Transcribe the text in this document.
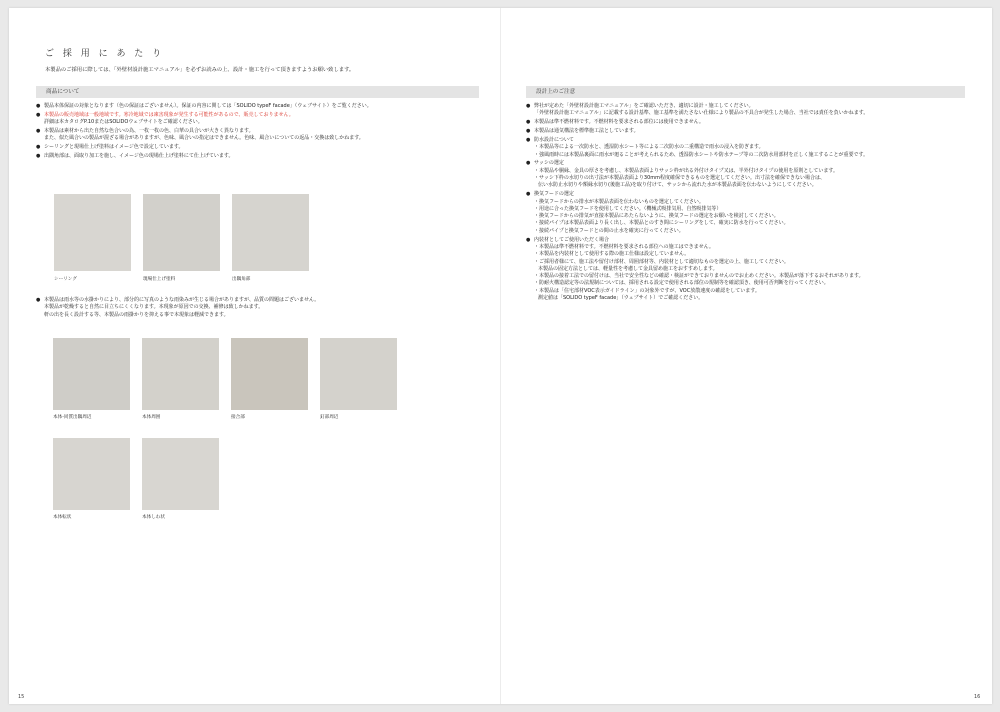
ご 採 用 に あ た り
本製品のご採用に際しては、「外壁材設計施工マニュアル」を必ずお読みの上、設計・施工を行って頂きますようお願い致します。
商品について
● 製品本体保証の対象となります（色の保証はございません）。保証の内容に関しては「SOLIDO typeF facade」（ウェブサイト）をご覧ください。
● 本製品の販売地域は一般地域です。寒冷地域では凍害現象が発生する可能性があるので、販売しておりません。
詳細は本カタログP.10またはSOLIDOウェブサイトをご確認ください。
● 本製品は素材から出た自然な色合いの為、一枚一枚の色、白華の具合いが大きく異なります。
また、似た風合いの製品が混ざる場合がありますが、色味、風合いの指定はできません。色味、風合いについての返品・交換は致しかねます。
● シーリングと現場仕上げ塗料はイメージ色で設定しています。
● 出隅角部は、面取り加工を施し、イメージ色の現場仕上げ塗料にて仕上げています。
シーリング	現場仕上げ塗料	出隅角部
● 本製品は雨水等の水掛かりにより、部分的に写真のような雨染みが生じる場合がありますが、品質の問題はございません。
本製品が乾燥すると自然に目立ちにくくなります。本現象が原因での交換、補修は致しかねます。
軒の出を長く設計する等、本製品の雨掛かりを抑える事で本現象は軽減できます。
本体-同質出隅周辺	本体周囲	接合部	釘部周辺
本体転状	本体しわ状
15
設計上のご注意
● 弊社が定めた「外壁材設計施工マニュアル」をご確認いただき、適切に設計・施工してください。
「外壁材設計施工マニュアル」に記載する設計基準、施工基準を満たさない仕様により製品の不具合が発生した場合、当社では責任を負いかねます。
● 本製品は準不燃材料です。不燃材料を要求される部位には使用できません。
● 本製品は通気構法を標準施工法としています。
● 防水設計について
・本製品等による一次防水と、透湿防水シート等による二次防水の二重構造で雨水の浸入を防ぎます。
・強風雨時には本製品裏面に雨水が廻ることが考えられるため、透湿防水シートや防水テープ等の二次防水用部材を正しく施工することが重要です。
● サッシの選定
・本製品や胴縁、金具の厚さを考慮し、本製品表面よりサッシ枠が出る外付けタイプ又は、半外付けタイプの使用を原則としています。
・サッシ下枠の水切りの出寸法が本製品表面より30mm程度確保できるものを選定してください。出寸法を確保できない場合は、
伝い水防止水切りや額縁水切り(後施工品)を取り付けて、サッシから流れた水が本製品表面を伝わないようにしてください。
● 換気フードの選定
・換気フードからの排水が本製品表面を伝わないものを選定してください。
・用途に合った換気フードを使用してください。（機械式吸排気用、自然吸排気等）
・換気フードからの排気が直接本製品にあたらないように、換気フードの選定をお願いを検討してください。
・接続パイプは本製品表面より長く出し、本製品とのすき間にシーリングをして、確実に防水を行ってください。
・接続パイプと換気フードとの間の止水を確実に行ってください。
● 内装材としてご使用いただく場合
・本製品は準不燃材料です。不燃材料を要求される部位への施工はできません。
・本製品を内装材として使用する際の施工仕様は設定していません。
・ご採用者様にて、施工法や留付け部材、周囲部材等、内装材として適切なものを選定の上、施工してください。
本製品の固定方法としては、軽量性を考慮して金具留め施工をおすすめします。
・本製品の接着工法での留付けは、当社で安全性などの確認・検証ができておりませんのでお止めください。本製品が落下するおそれがあります。
・防耐火構造認定等の法規制については、採用される設定で使用される部位の規制等を確認頂き、使用可否判断を行ってください。
・本製品は「住宅部材VOC表示ガイドライン」の対象外ですが、VOC放散速度の確認をしています。
測定値は「SOLIDO typeF facade」（ウェブサイト）でご確認ください。
16
